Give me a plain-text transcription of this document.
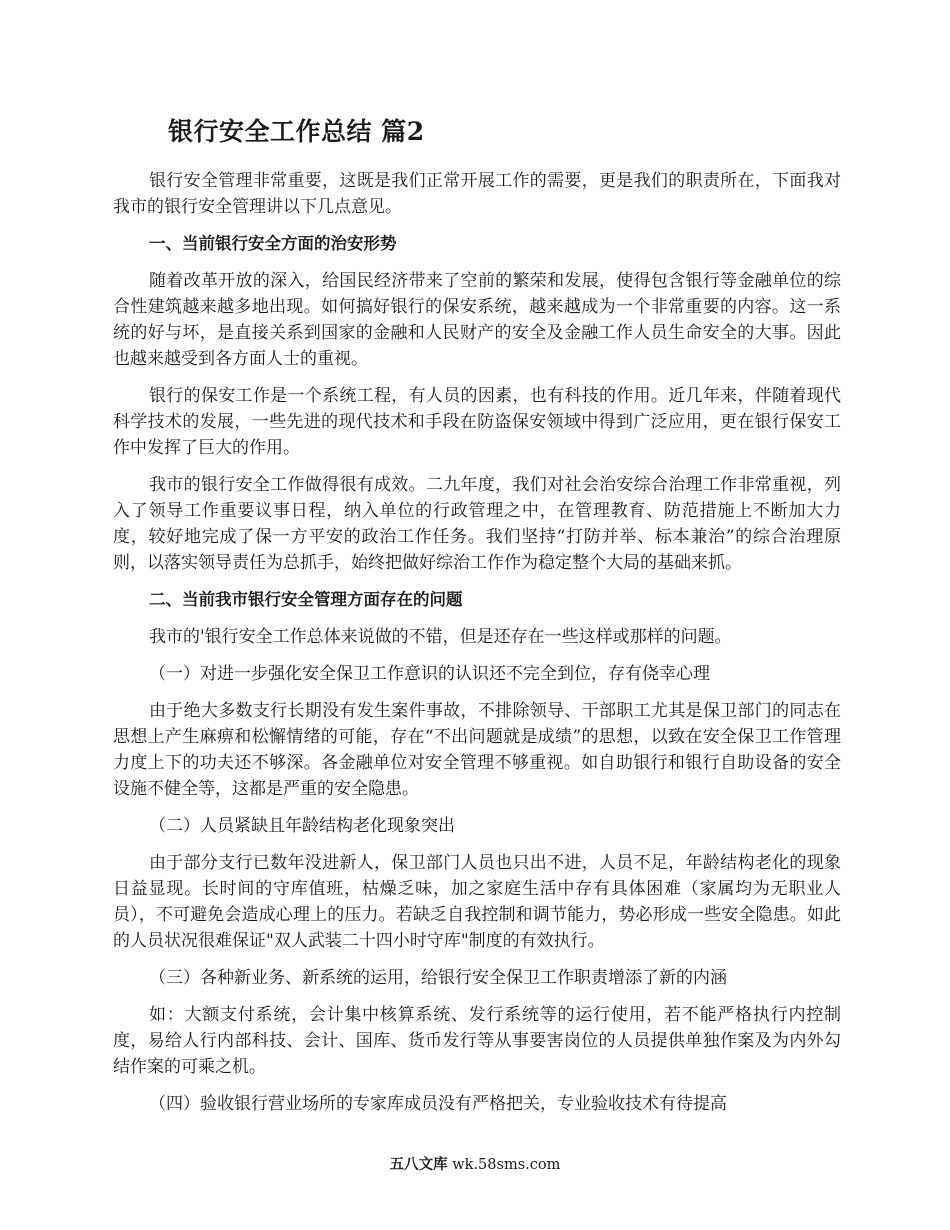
银行安全工作总结 篇2

银行安全管理非常重要，这既是我们正常开展工作的需要，更是我们的职责所在，下面我对我市的银行安全管理讲以下几点意见。

一、当前银行安全方面的治安形势

随着改革开放的深入，给国民经济带来了空前的繁荣和发展，使得包含银行等金融单位的综合性建筑越来越多地出现。如何搞好银行的保安系统，越来越成为一个非常重要的内容。这一系统的好与坏，是直接关系到国家的金融和人民财产的安全及金融工作人员生命安全的大事。因此也越来越受到各方面人士的重视。

银行的保安工作是一个系统工程，有人员的因素，也有科技的作用。近几年来，伴随着现代科学技术的发展，一些先进的现代技术和手段在防盗保安领域中得到广泛应用，更在银行保安工作中发挥了巨大的作用。

我市的银行安全工作做得很有成效。二九年度，我们对社会治安综合治理工作非常重视，列入了领导工作重要议事日程，纳入单位的行政管理之中，在管理教育、防范措施上不断加大力度，较好地完成了保一方平安的政治工作任务。我们坚持“打防并举、标本兼治”的综合治理原则，以落实领导责任为总抓手，始终把做好综治工作作为稳定整个大局的基础来抓。

二、当前我市银行安全管理方面存在的问题

我市的'银行安全工作总体来说做的不错，但是还存在一些这样或那样的问题。

（一）对进一步强化安全保卫工作意识的认识还不完全到位，存有侥幸心理

由于绝大多数支行长期没有发生案件事故，不排除领导、干部职工尤其是保卫部门的同志在思想上产生麻痹和松懈情绪的可能，存在“不出问题就是成绩”的思想，以致在安全保卫工作管理力度上下的功夫还不够深。各金融单位对安全管理不够重视。如自助银行和银行自助设备的安全设施不健全等，这都是严重的安全隐患。

（二）人员紧缺且年龄结构老化现象突出

由于部分支行已数年没进新人，保卫部门人员也只出不进，人员不足，年龄结构老化的现象日益显现。长时间的守库值班，枯燥乏味，加之家庭生活中存有具体困难（家属均为无职业人员），不可避免会造成心理上的压力。若缺乏自我控制和调节能力，势必形成一些安全隐患。如此的人员状况很难保证"双人武装二十四小时守库"制度的有效执行。

（三）各种新业务、新系统的运用，给银行安全保卫工作职责增添了新的内涵

如：大额支付系统，会计集中核算系统、发行系统等的运行使用，若不能严格执行内控制度，易给人行内部科技、会计、国库、货币发行等从事要害岗位的人员提供单独作案及为内外勾结作案的可乘之机。

（四）验收银行营业场所的专家库成员没有严格把关，专业验收技术有待提高

五八文库 wk.58sms.com
